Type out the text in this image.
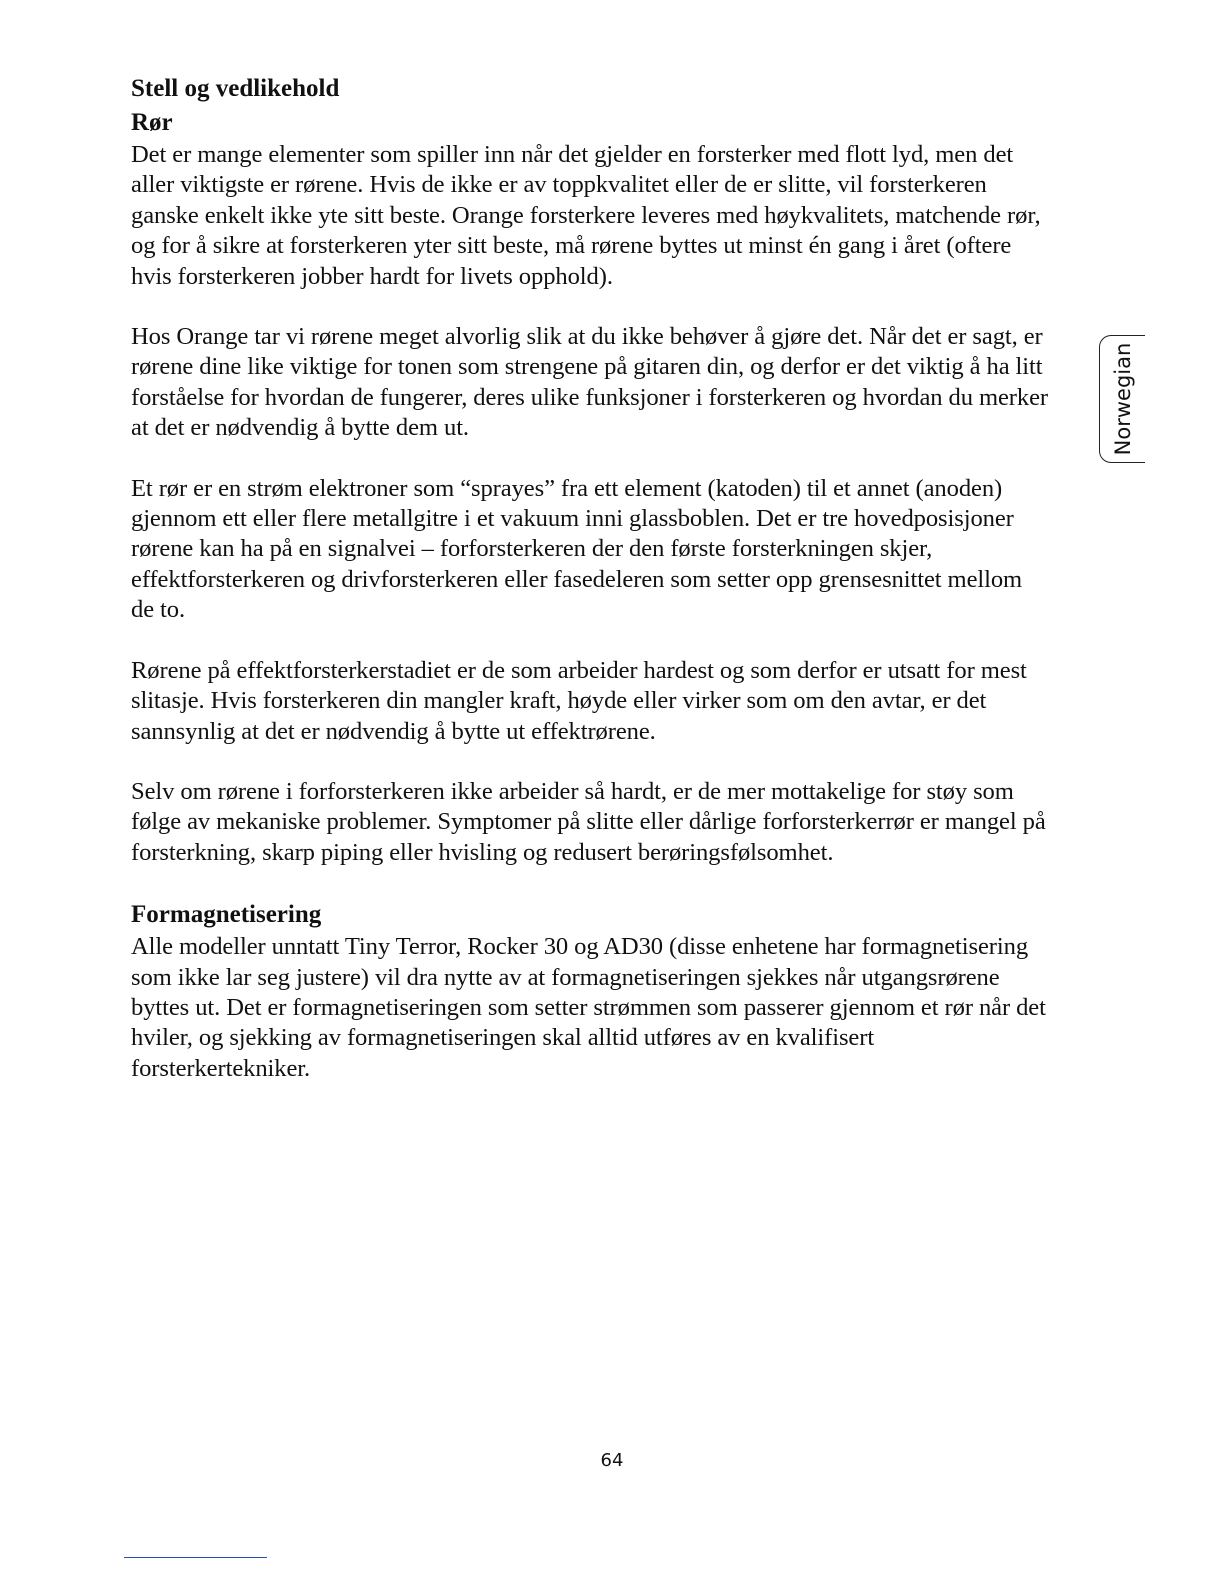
Stell og vedlikehold
Rør

Det er mange elementer som spiller inn når det gjelder en forsterker med flott lyd, men det aller viktigste er rørene. Hvis de ikke er av toppkvalitet eller de er slitte, vil forsterkeren ganske enkelt ikke yte sitt beste. Orange forsterkere leveres med høykvalitets, matchende rør, og for å sikre at forsterkeren yter sitt beste, må rørene byttes ut minst én gang i året (oftere hvis forsterkeren jobber hardt for livets opphold).

Hos Orange tar vi rørene meget alvorlig slik at du ikke behøver å gjøre det. Når det er sagt, er rørene dine like viktige for tonen som strengene på gitaren din, og derfor er det viktig å ha litt forståelse for hvordan de fungerer, deres ulike funksjoner i forsterkeren og hvordan du merker at det er nødvendig å bytte dem ut.

Et rør er en strøm elektroner som “sprayes” fra ett element (katoden) til et annet (anoden) gjennom ett eller flere metallgitre i et vakuum inni glassboblen. Det er tre hovedposisjoner rørene kan ha på en signalvei – forforsterkeren der den første forsterkningen skjer, effektforsterkeren og drivforsterkeren eller fasedeleren som setter opp grensesnittet mellom de to.

Rørene på effektforsterkerstadiet er de som arbeider hardest og som derfor er utsatt for mest slitasje. Hvis forsterkeren din mangler kraft, høyde eller virker som om den avtar, er det sannsynlig at det er nødvendig å bytte ut effektrørene.

Selv om rørene i forforsterkeren ikke arbeider så hardt, er de mer mottakelige for støy som følge av mekaniske problemer. Symptomer på slitte eller dårlige forforsterkerrør er mangel på forsterkning, skarp piping eller hvisling og redusert berøringsfølsomhet.

Formagnetisering

Alle modeller unntatt Tiny Terror, Rocker 30 og AD30 (disse enhetene har formagnetisering som ikke lar seg justere) vil dra nytte av at formagnetiseringen sjekkes når utgangsrørene byttes ut. Det er formagnetiseringen som setter strømmen som passerer gjennom et rør når det hviler, og sjekking av formagnetiseringen skal alltid utføres av en kvalifisert forsterkertekniker.

Norwegian
64
